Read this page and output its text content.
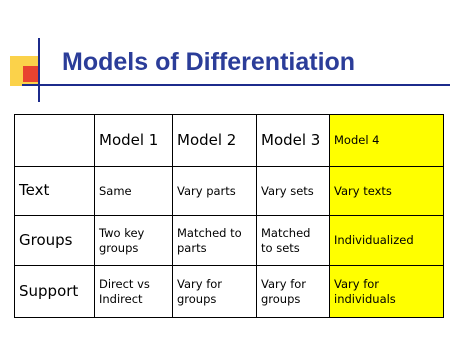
Models of Differentiation
	Model 1	Model 2	Model 3	Model 4
Text	Same	Vary parts	Vary sets	Vary texts
Groups	Two key groups	Matched to parts	Matched to sets	Individualized
Support	Direct vs Indirect	Vary for groups	Vary for groups	Vary for individuals
